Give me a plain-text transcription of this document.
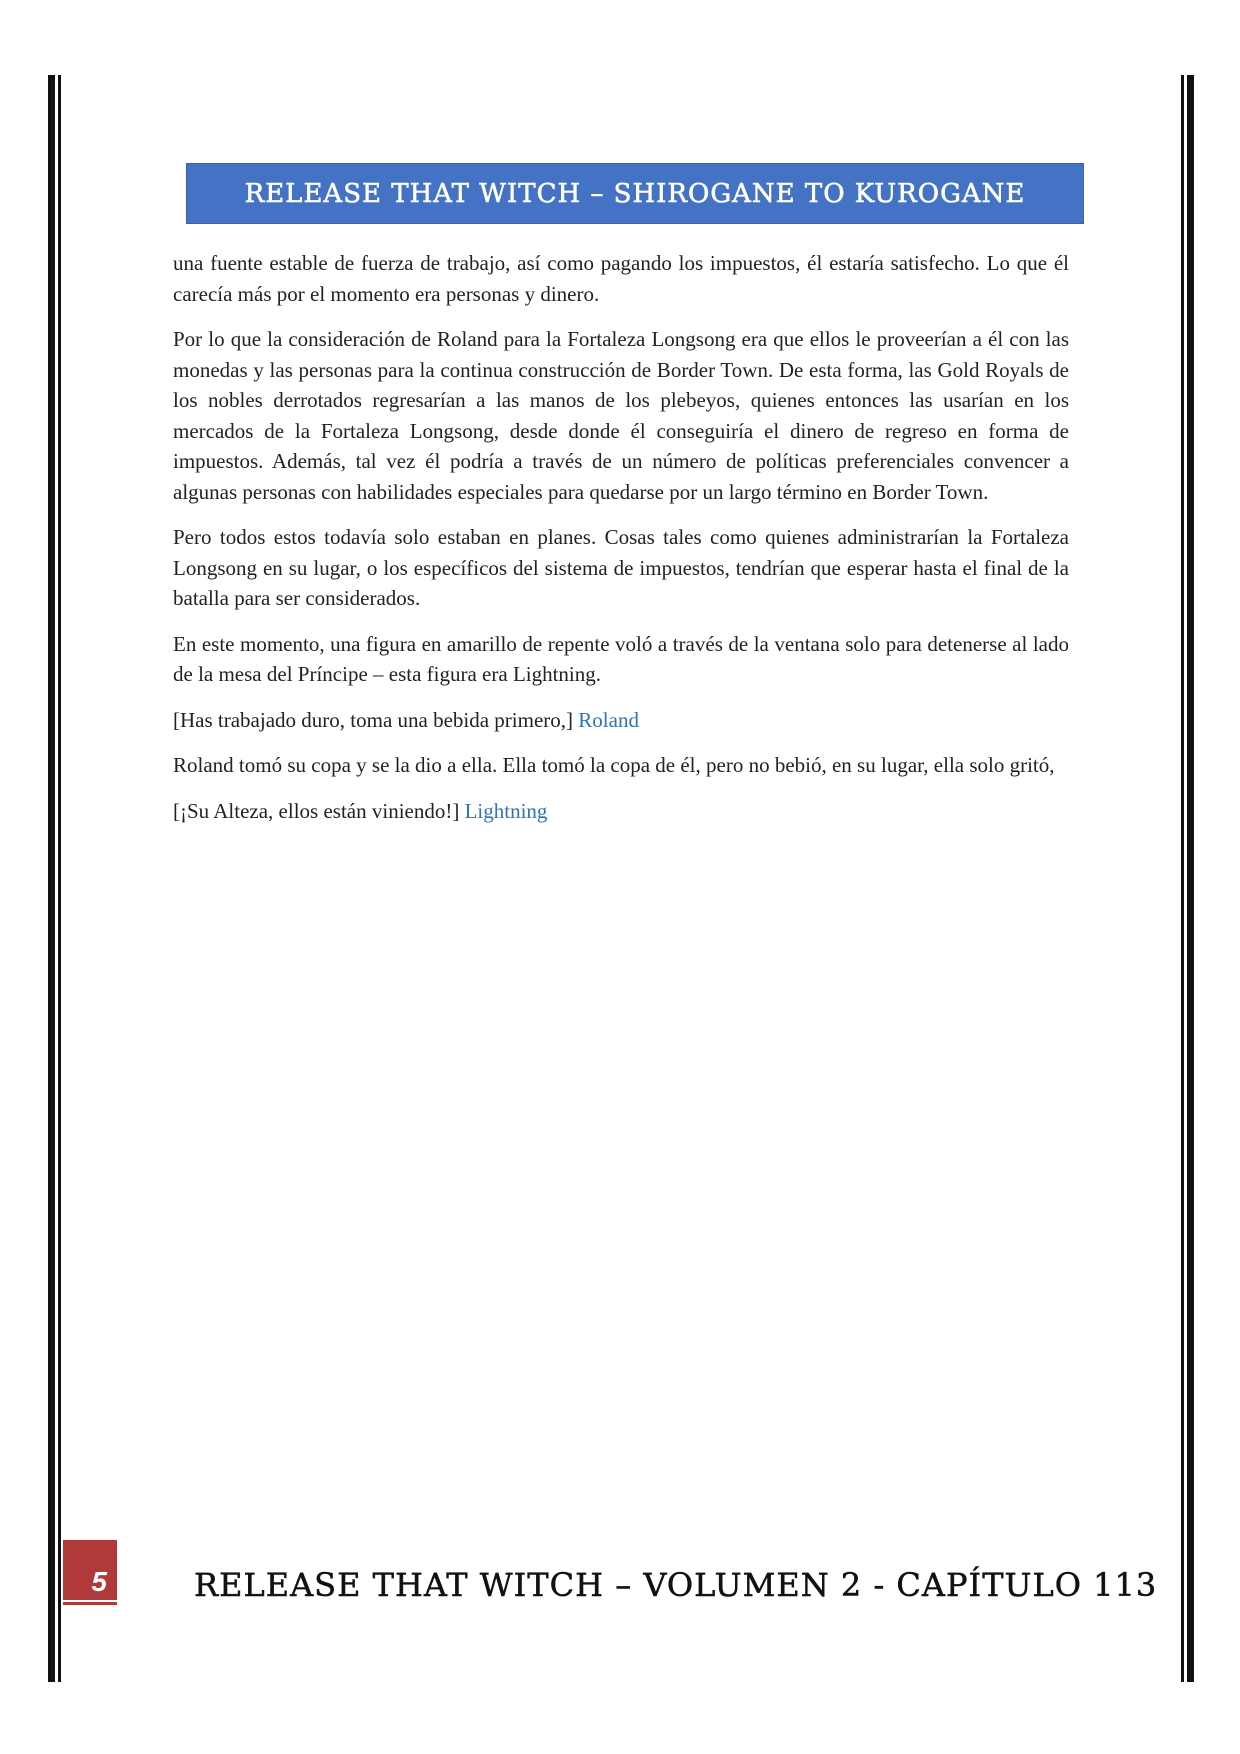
RELEASE THAT WITCH – SHIROGANE TO KUROGANE

una fuente estable de fuerza de trabajo, así como pagando los impuestos, él estaría satisfecho. Lo que él carecía más por el momento era personas y dinero.

Por lo que la consideración de Roland para la Fortaleza Longsong era que ellos le proveerían a él con las monedas y las personas para la continua construcción de Border Town. De esta forma, las Gold Royals de los nobles derrotados regresarían a las manos de los plebeyos, quienes entonces las usarían en los mercados de la Fortaleza Longsong, desde donde él conseguiría el dinero de regreso en forma de impuestos. Además, tal vez él podría a través de un número de políticas preferenciales convencer a algunas personas con habilidades especiales para quedarse por un largo término en Border Town.

Pero todos estos todavía solo estaban en planes. Cosas tales como quienes administrarían la Fortaleza Longsong en su lugar, o los específicos del sistema de impuestos, tendrían que esperar hasta el final de la batalla para ser considerados.

En este momento, una figura en amarillo de repente voló a través de la ventana solo para detenerse al lado de la mesa del Príncipe – esta figura era Lightning.

[Has trabajado duro, toma una bebida primero,] Roland

Roland tomó su copa y se la dio a ella. Ella tomó la copa de él, pero no bebió, en su lugar, ella solo gritó,

[¡Su Alteza, ellos están viniendo!] Lightning

5	RELEASE THAT WITCH – VOLUMEN 2 - CAPÍTULO 113
